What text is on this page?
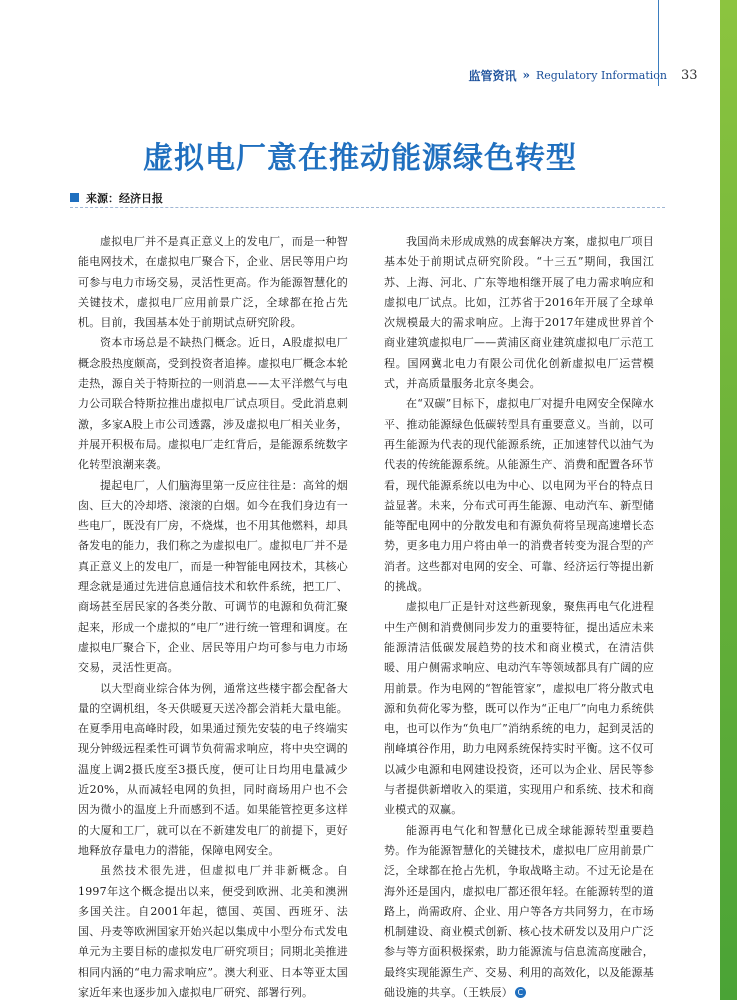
监管资讯 » Regulatory Information 33
虚拟电厂意在推动能源绿色转型
来源：经济日报

虚拟电厂并不是真正意义上的发电厂，而是一种智能电网技术，在虚拟电厂聚合下，企业、居民等用户均可参与电力市场交易，灵活性更高。作为能源智慧化的关键技术，虚拟电厂应用前景广泛，全球都在抢占先机。目前，我国基本处于前期试点研究阶段。

资本市场总是不缺热门概念。近日，A股虚拟电厂概念股热度颇高，受到投资者追捧。虚拟电厂概念本轮走热，源自关于特斯拉的一则消息——太平洋燃气与电力公司联合特斯拉推出虚拟电厂试点项目。受此消息刺激，多家A股上市公司透露，涉及虚拟电厂相关业务，并展开积极布局。虚拟电厂走红背后，是能源系统数字化转型浪潮来袭。

提起电厂，人们脑海里第一反应往往是：高耸的烟囱、巨大的冷却塔、滚滚的白烟。如今在我们身边有一些电厂，既没有厂房，不烧煤，也不用其他燃料，却具备发电的能力，我们称之为虚拟电厂。虚拟电厂并不是真正意义上的发电厂，而是一种智能电网技术，其核心理念就是通过先进信息通信技术和软件系统，把工厂、商场甚至居民家的各类分散、可调节的电源和负荷汇聚起来，形成一个虚拟的“电厂”进行统一管理和调度。在虚拟电厂聚合下，企业、居民等用户均可参与电力市场交易，灵活性更高。

以大型商业综合体为例，通常这些楼宇都会配备大量的空调机组，冬天供暖夏天送冷都会消耗大量电能。在夏季用电高峰时段，如果通过预先安装的电子终端实现分钟级远程柔性可调节负荷需求响应，将中央空调的温度上调2摄氏度至3摄氏度，便可让日均用电量减少近20%，从而减轻电网的负担，同时商场用户也不会因为微小的温度上升而感到不适。如果能管控更多这样的大厦和工厂，就可以在不新建发电厂的前提下，更好地释放存量电力的潜能，保障电网安全。

虽然技术很先进，但虚拟电厂并非新概念。自1997年这个概念提出以来，便受到欧洲、北美和澳洲多国关注。自2001年起，德国、英国、西班牙、法国、丹麦等欧洲国家开始兴起以集成中小型分布式发电单元为主要目标的虚拟发电厂研究项目；同期北美推进相同内涵的“电力需求响应”。澳大利亚、日本等亚太国家近年来也逐步加入虚拟电厂研究、部署行列。

我国尚未形成成熟的成套解决方案，虚拟电厂项目基本处于前期试点研究阶段。“十三五”期间，我国江苏、上海、河北、广东等地相继开展了电力需求响应和虚拟电厂试点。比如，江苏省于2016年开展了全球单次规模最大的需求响应。上海于2017年建成世界首个商业建筑虚拟电厂——黄浦区商业建筑虚拟电厂示范工程。国网冀北电力有限公司优化创新虚拟电厂运营模式，并高质量服务北京冬奥会。

在“双碳”目标下，虚拟电厂对提升电网安全保障水平、推动能源绿色低碳转型具有重要意义。当前，以可再生能源为代表的现代能源系统，正加速替代以油气为代表的传统能源系统。从能源生产、消费和配置各环节看，现代能源系统以电为中心、以电网为平台的特点日益显著。未来，分布式可再生能源、电动汽车、新型储能等配电网中的分散发电和有源负荷将呈现高速增长态势，更多电力用户将由单一的消费者转变为混合型的产消者。这些都对电网的安全、可靠、经济运行等提出新的挑战。

虚拟电厂正是针对这些新现象，聚焦再电气化进程中生产侧和消费侧同步发力的重要特征，提出适应未来能源清洁低碳发展趋势的技术和商业模式，在清洁供暖、用户侧需求响应、电动汽车等领域都具有广阔的应用前景。作为电网的“智能管家”，虚拟电厂将分散式电源和负荷化零为整，既可以作为“正电厂”向电力系统供电，也可以作为“负电厂”消纳系统的电力，起到灵活的削峰填谷作用，助力电网系统保持实时平衡。这不仅可以减少电源和电网建设投资，还可以为企业、居民等参与者提供新增收入的渠道，实现用户和系统、技术和商业模式的双赢。

能源再电气化和智慧化已成全球能源转型重要趋势。作为能源智慧化的关键技术，虚拟电厂应用前景广泛，全球都在抢占先机，争取战略主动。不过无论是在海外还是国内，虚拟电厂都还很年轻。在能源转型的道路上，尚需政府、企业、用户等各方共同努力，在市场机制建设、商业模式创新、核心技术研发以及用户广泛参与等方面积极探索，助力能源流与信息流高度融合，最终实现能源生产、交易、利用的高效化，以及能源基础设施的共享。（王轶辰） C
